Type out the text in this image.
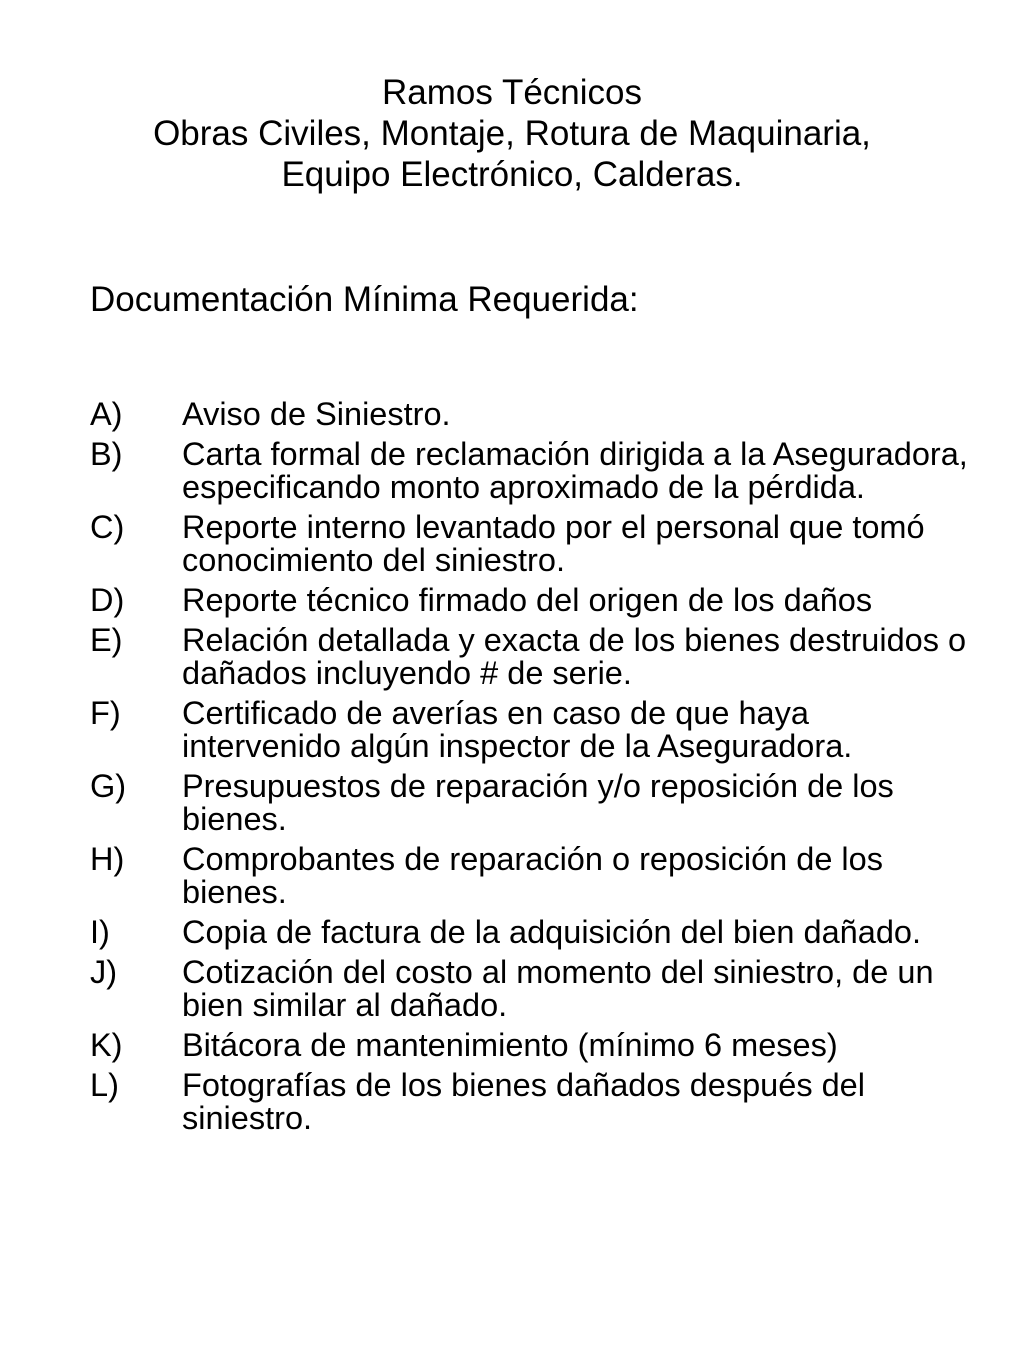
Ramos Técnicos
Obras Civiles, Montaje, Rotura de Maquinaria,
Equipo Electrónico, Calderas.
Documentación Mínima Requerida:
A)	Aviso de Siniestro.
B)	Carta formal de reclamación dirigida a la Aseguradora, especificando monto aproximado de la pérdida.
C)	Reporte interno levantado por el personal que tomó conocimiento del siniestro.
D)	Reporte técnico firmado del origen de los daños
E)	Relación detallada y exacta de los bienes destruidos o dañados incluyendo # de serie.
F)	Certificado de averías en caso de que haya intervenido algún inspector de la Aseguradora.
G)	Presupuestos de reparación y/o reposición de los bienes.
H)	Comprobantes de reparación o reposición de los bienes.
I)	Copia de factura de la adquisición del bien dañado.
J)	Cotización del costo al momento del siniestro, de un bien similar al dañado.
K)	Bitácora de mantenimiento (mínimo 6 meses)
L)	Fotografías de los bienes dañados después del siniestro.
